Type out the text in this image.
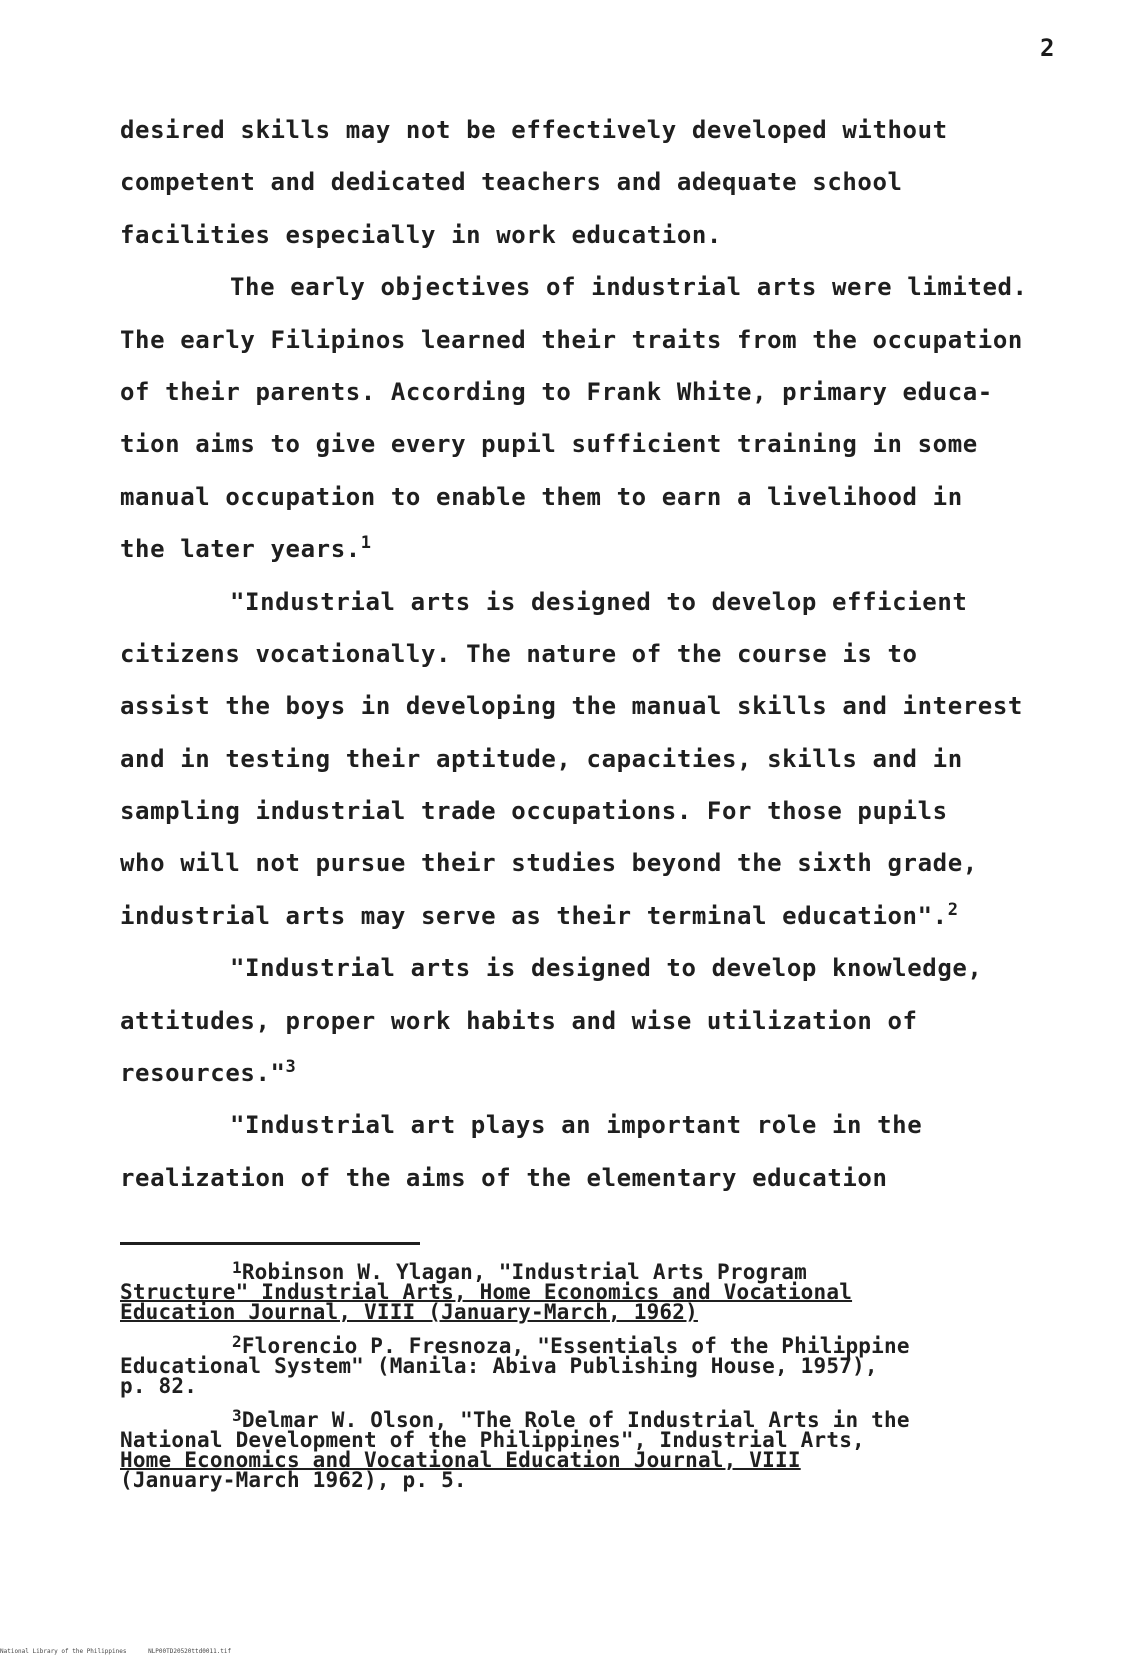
2
desired skills may not be effectively developed without
competent and dedicated teachers and adequate school
facilities especially in work education.
The early objectives of industrial arts were limited.
The early Filipinos learned their traits from the occupation
of their parents. According to Frank White, primary educa-
tion aims to give every pupil sufficient training in some
manual occupation to enable them to earn a livelihood in
the later years.$^1$
"Industrial arts is designed to develop efficient
citizens vocationally. The nature of the course is to
assist the boys in developing the manual skills and interest
and in testing their aptitude, capacities, skills and in
sampling industrial trade occupations. For those pupils
who will not pursue their studies beyond the sixth grade,
industrial arts may serve as their terminal education".$^2$
"Industrial arts is designed to develop knowledge,
attitudes, proper work habits and wise utilization of
resources."$^3$
"Industrial art plays an important role in the
realization of the aims of the elementary education
$^1$Robinson W. Ylagan, "Industrial Arts Program
Structure" Industrial Arts, Home Economics and Vocational
Education Journal, VIII (January-March, 1962)
$^2$Florencio P. Fresnoza, "Essentials of the Philippine
Educational System" (Manila: Abiva Publishing House, 1957),
p. 82.
$^3$Delmar W. Olson, "The Role of Industrial Arts in the
National Development of the Philippines", Industrial Arts,
Home Economics and Vocational Education Journal, VIII
(January-March 1962), p. 5.
National Library of the Philippines	NLP00TD20520ttd0011.tif
